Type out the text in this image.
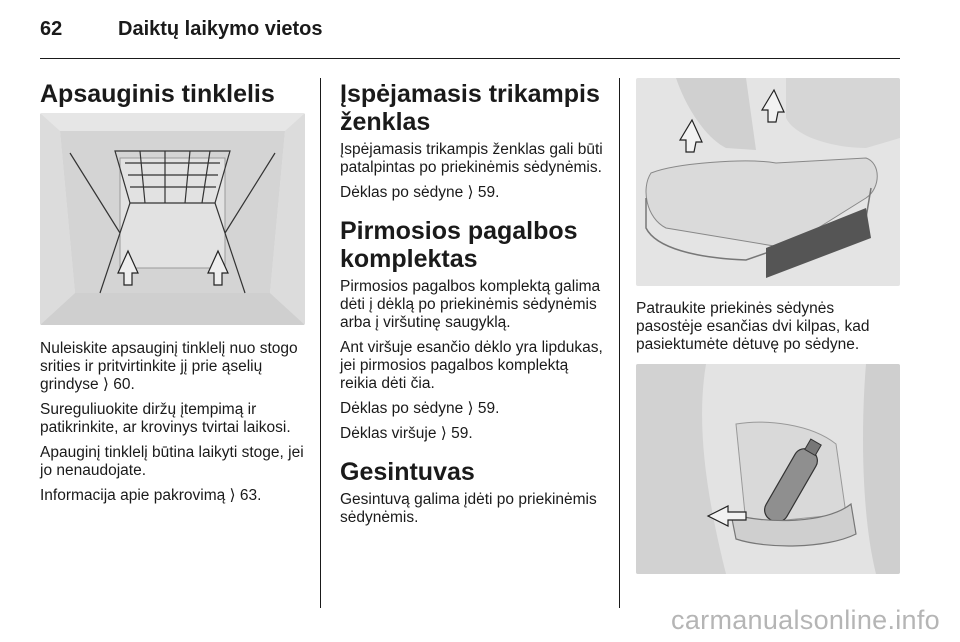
62	Daiktų laikymo vietos
Apsauginis tinklelis

Nuleiskite apsauginį tinklelį nuo stogo srities ir pritvirtinkite jį prie ąselių grindyse ⟩ 60.

Sureguliuokite diržų įtempimą ir patikrinkite, ar krovinys tvirtai laikosi.

Apauginį tinklelį būtina laikyti stoge, jei jo nenaudojate.

Informacija apie pakrovimą ⟩ 63.

Įspėjamasis trikampis ženklas

Įspėjamasis trikampis ženklas gali būti patalpintas po priekinėmis sėdynėmis.

Dėklas po sėdyne ⟩ 59.

Pirmosios pagalbos komplektas

Pirmosios pagalbos komplektą galima dėti į dėklą po priekinėmis sėdynėmis arba į viršutinę saugyklą.

Ant viršuje esančio dėklo yra lipdukas, jei pirmosios pagalbos komplektą reikia dėti čia.

Dėklas po sėdyne ⟩ 59.

Dėklas viršuje ⟩ 59.

Gesintuvas

Gesintuvą galima įdėti po priekinėmis sėdynėmis.

Patraukite priekinės sėdynės pasostėje esančias dvi kilpas, kad pasiektumėte dėtuvę po sėdyne.

carmanualsonline.info
